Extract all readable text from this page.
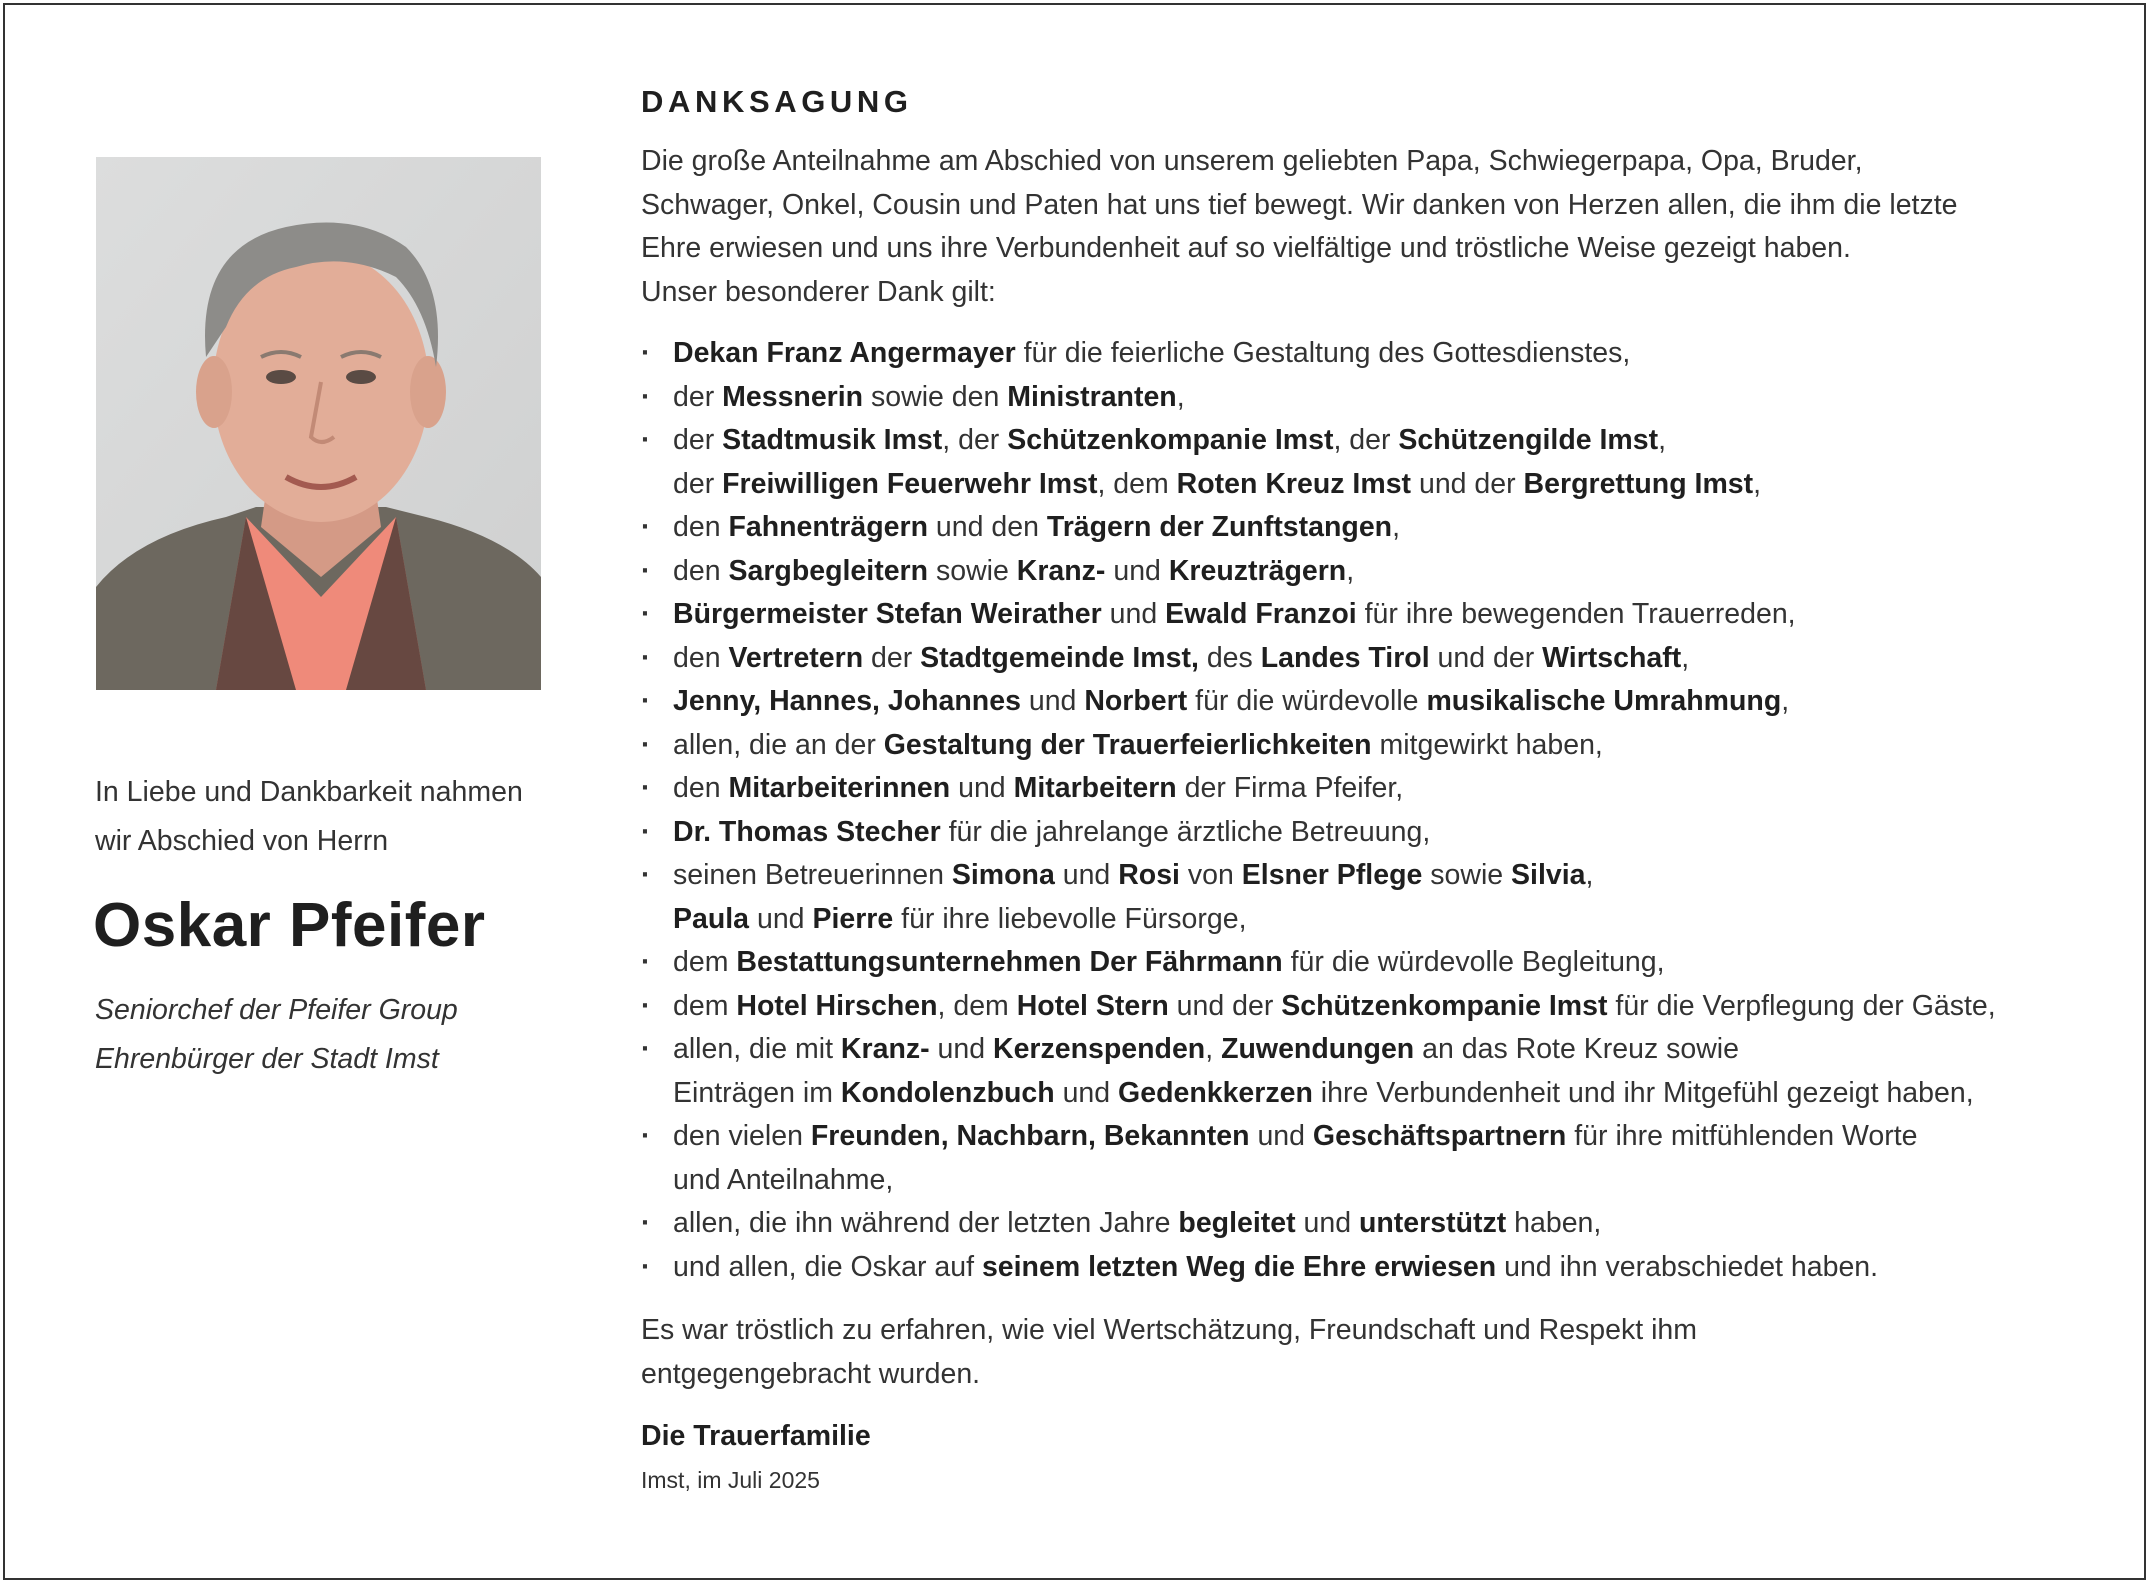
In Liebe und Dankbarkeit nahmen
wir Abschied von Herrn
Oskar Pfeifer
Seniorchef der Pfeifer Group
Ehrenbürger der Stadt Imst
DANKSAGUNG
Die große Anteilnahme am Abschied von unserem geliebten Papa, Schwiegerpapa, Opa, Bruder,
Schwager, Onkel, Cousin und Paten hat uns tief bewegt. Wir danken von Herzen allen, die ihm die letzte
Ehre erwiesen und uns ihre Verbundenheit auf so vielfältige und tröstliche Weise gezeigt haben.
Unser besonderer Dank gilt:
· Dekan Franz Angermayer für die feierliche Gestaltung des Gottesdienstes,
· der Messnerin sowie den Ministranten,
· der Stadtmusik Imst, der Schützenkompanie Imst, der Schützengilde Imst,
der Freiwilligen Feuerwehr Imst, dem Roten Kreuz Imst und der Bergrettung Imst,
· den Fahnenträgern und den Trägern der Zunftstangen,
· den Sargbegleitern sowie Kranz- und Kreuzträgern,
· Bürgermeister Stefan Weirather und Ewald Franzoi für ihre bewegenden Trauerreden,
· den Vertretern der Stadtgemeinde Imst, des Landes Tirol und der Wirtschaft,
· Jenny, Hannes, Johannes und Norbert für die würdevolle musikalische Umrahmung,
· allen, die an der Gestaltung der Trauerfeierlichkeiten mitgewirkt haben,
· den Mitarbeiterinnen und Mitarbeitern der Firma Pfeifer,
· Dr. Thomas Stecher für die jahrelange ärztliche Betreuung,
· seinen Betreuerinnen Simona und Rosi von Elsner Pflege sowie Silvia,
Paula und Pierre für ihre liebevolle Fürsorge,
· dem Bestattungsunternehmen Der Fährmann für die würdevolle Begleitung,
· dem Hotel Hirschen, dem Hotel Stern und der Schützenkompanie Imst für die Verpflegung der Gäste,
· allen, die mit Kranz- und Kerzenspenden, Zuwendungen an das Rote Kreuz sowie
Einträgen im Kondolenzbuch und Gedenkkerzen ihre Verbundenheit und ihr Mitgefühl gezeigt haben,
· den vielen Freunden, Nachbarn, Bekannten und Geschäftspartnern für ihre mitfühlenden Worte
und Anteilnahme,
· allen, die ihn während der letzten Jahre begleitet und unterstützt haben,
· und allen, die Oskar auf seinem letzten Weg die Ehre erwiesen und ihn verabschiedet haben.
Es war tröstlich zu erfahren, wie viel Wertschätzung, Freundschaft und Respekt ihm
entgegengebracht wurden.
Die Trauerfamilie
Imst, im Juli 2025
